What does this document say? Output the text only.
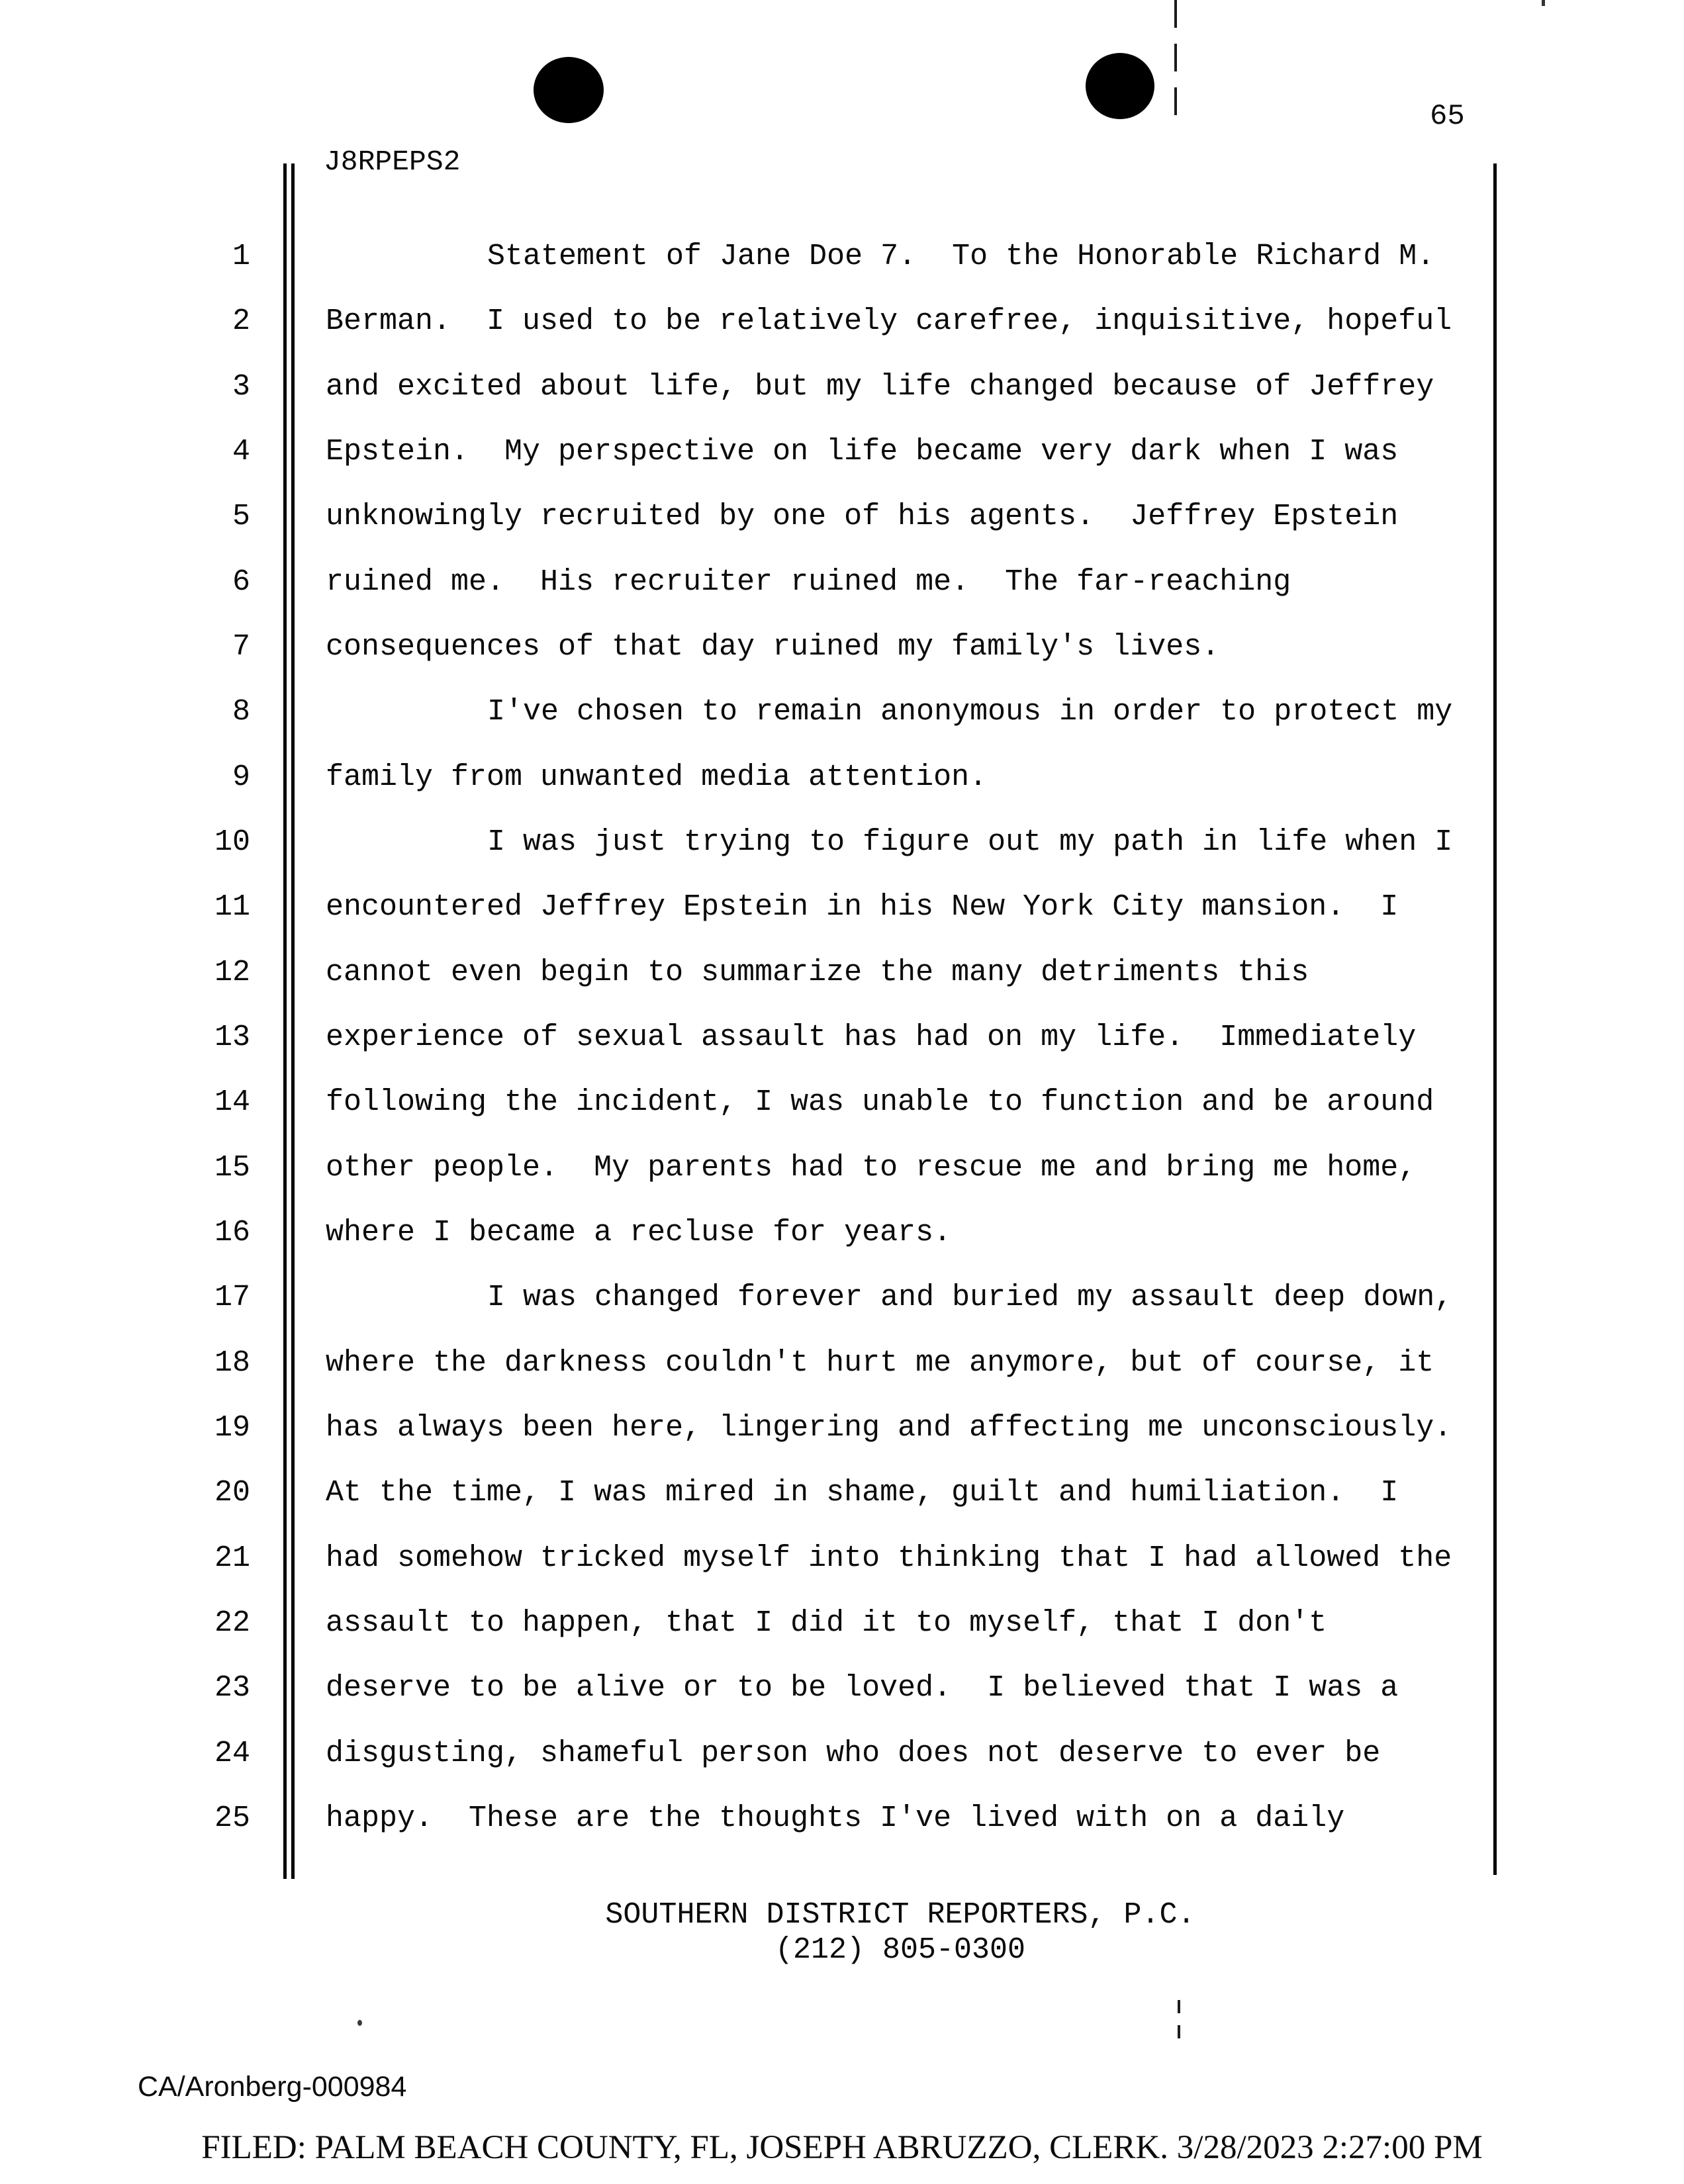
65
J8RPEPS2
1	Statement of Jane Doe 7.  To the Honorable Richard M.
2	Berman.  I used to be relatively carefree, inquisitive, hopeful
3	and excited about life, but my life changed because of Jeffrey
4	Epstein.  My perspective on life became very dark when I was
5	unknowingly recruited by one of his agents.  Jeffrey Epstein
6	ruined me.  His recruiter ruined me.  The far-reaching
7	consequences of that day ruined my family's lives.
8	I've chosen to remain anonymous in order to protect my
9	family from unwanted media attention.
10	I was just trying to figure out my path in life when I
11	encountered Jeffrey Epstein in his New York City mansion.  I
12	cannot even begin to summarize the many detriments this
13	experience of sexual assault has had on my life.  Immediately
14	following the incident, I was unable to function and be around
15	other people.  My parents had to rescue me and bring me home,
16	where I became a recluse for years.
17	I was changed forever and buried my assault deep down,
18	where the darkness couldn't hurt me anymore, but of course, it
19	has always been here, lingering and affecting me unconsciously.
20	At the time, I was mired in shame, guilt and humiliation.  I
21	had somehow tricked myself into thinking that I had allowed the
22	assault to happen, that I did it to myself, that I don't
23	deserve to be alive or to be loved.  I believed that I was a
24	disgusting, shameful person who does not deserve to ever be
25	happy.  These are the thoughts I've lived with on a daily
SOUTHERN DISTRICT REPORTERS, P.C.
(212) 805-0300
CA/Aronberg-000984
FILED: PALM BEACH COUNTY, FL, JOSEPH ABRUZZO, CLERK. 3/28/2023 2:27:00 PM
